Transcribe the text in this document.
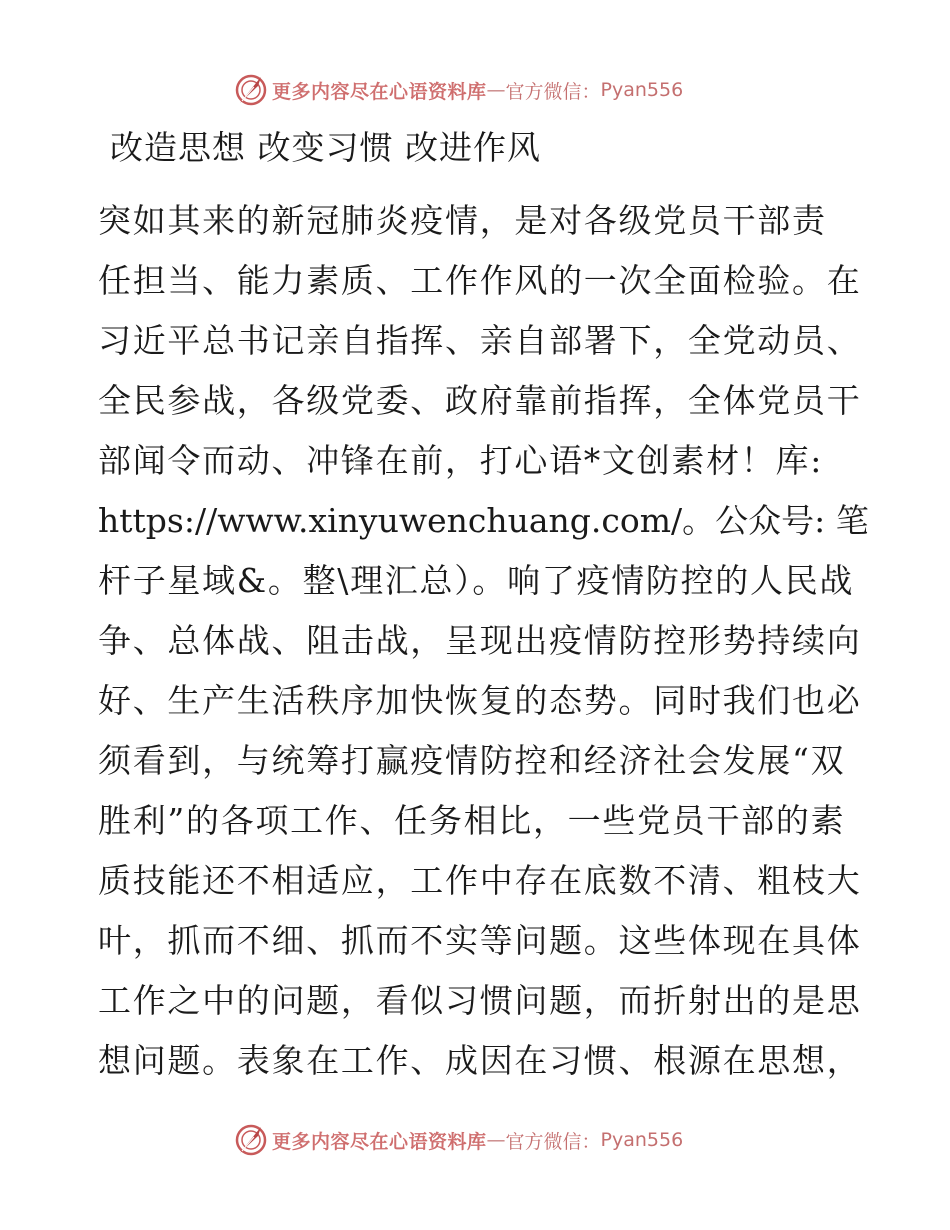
更多内容尽在心语资料库 — 官方微信： Pyan556
改造思想 改变习惯 改进作风
突如其来的新冠肺炎疫情，是对各级党员干部责
任担当、能力素质、工作作风的一次全面检验。在
习近平总书记亲自指挥、亲自部署下，全党动员、
全民参战，各级党委、政府靠前指挥，全体党员干
部闻令而动、冲锋在前，打心语*文创素材！库:
https://www.xinyuwenchuang.com/。公众号: 笔
杆子星域&。整\理汇总）。响了疫情防控的人民战
争、总体战、阻击战，呈现出疫情防控形势持续向
好、生产生活秩序加快恢复的态势。同时我们也必
须看到，与统筹打赢疫情防控和经济社会发展“双
胜利”的各项工作、任务相比，一些党员干部的素
质技能还不相适应，工作中存在底数不清、粗枝大
叶，抓而不细、抓而不实等问题。这些体现在具体
工作之中的问题，看似习惯问题，而折射出的是思
想问题。表象在工作、成因在习惯、根源在思想，
更多内容尽在心语资料库 — 官方微信： Pyan556
